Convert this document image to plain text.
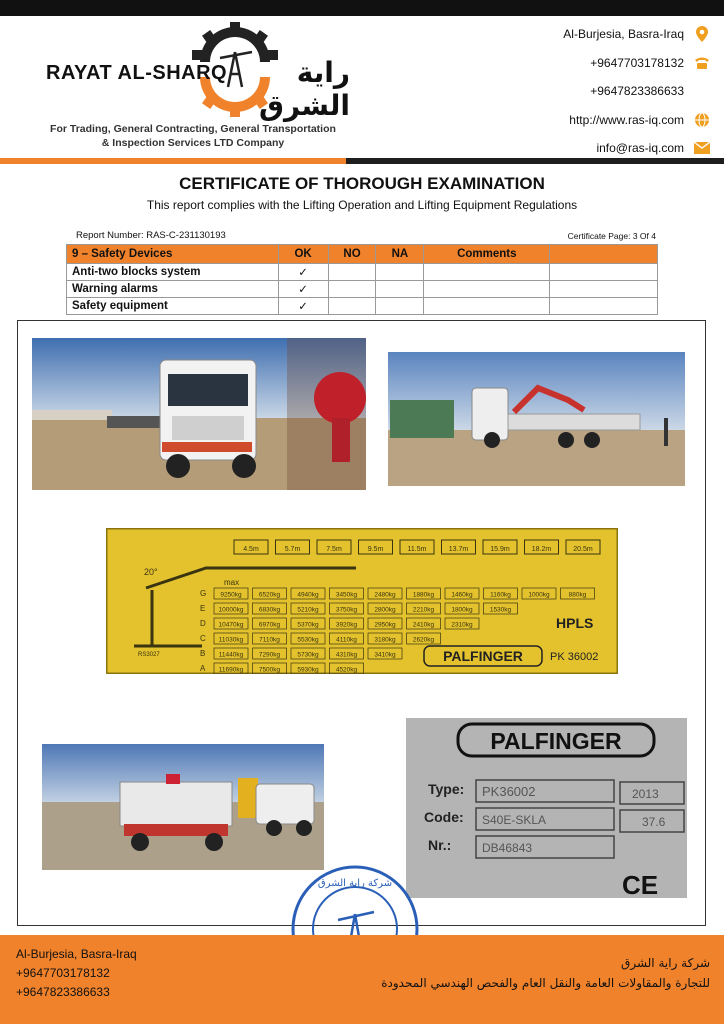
RAYAT AL-SHARQ	راية الشرق
For Trading, General Contracting, General Transportation
& Inspection Services LTD Company
Al-Burjesia, Basra-Iraq
+9647703178132
+9647823386633
http://www.ras-iq.com
info@ras-iq.com
CERTIFICATE OF THOROUGH EXAMINATION
This report complies with the Lifting Operation and Lifting Equipment Regulations
Report Number: RAS-C-231130193	Certificate Page: 3 Of 4
9 – Safety Devices	OK	NO	NA	Comments	
Anti-two blocks system	✓				
Warning alarms	✓				
Safety equipment	✓				
RS3027
20°
max
4.5m	5.7m	7.5m	9.5m	11.5m	13.7m	15.9m	18.2m	20.5m
G 9250kg	6520kg	4940kg	3450kg	2480kg	1880kg	1460kg	1160kg	1000kg	880kg
E 10000kg 6830kg	5210kg	3750kg	2800kg	2210kg	1800kg	1530kg
D 10470kg 6970kg	5370kg	3920kg	2950kg	2410kg	2310kg
C 11030kg 7110kg	5530kg	4110kg	3180kg	2620kg
B 11440kg 7290kg	5730kg	4310kg	3410kg
A 11690kg 7500kg	5930kg	4520kg
PALFINGER PK 36002
HPLS
PALFINGER
Type: PK36002	2013
Code: S40E-SKLA	37.6
Nr.:	DB46843
CE
شركة راية الشرق
Al-Burjesia, Basra-Iraq
+9647703178132
+9647823386633
شركة راية الشرق
للتجارة والمقاولات العامة والنقل العام والفحص الهندسي المحدودة
